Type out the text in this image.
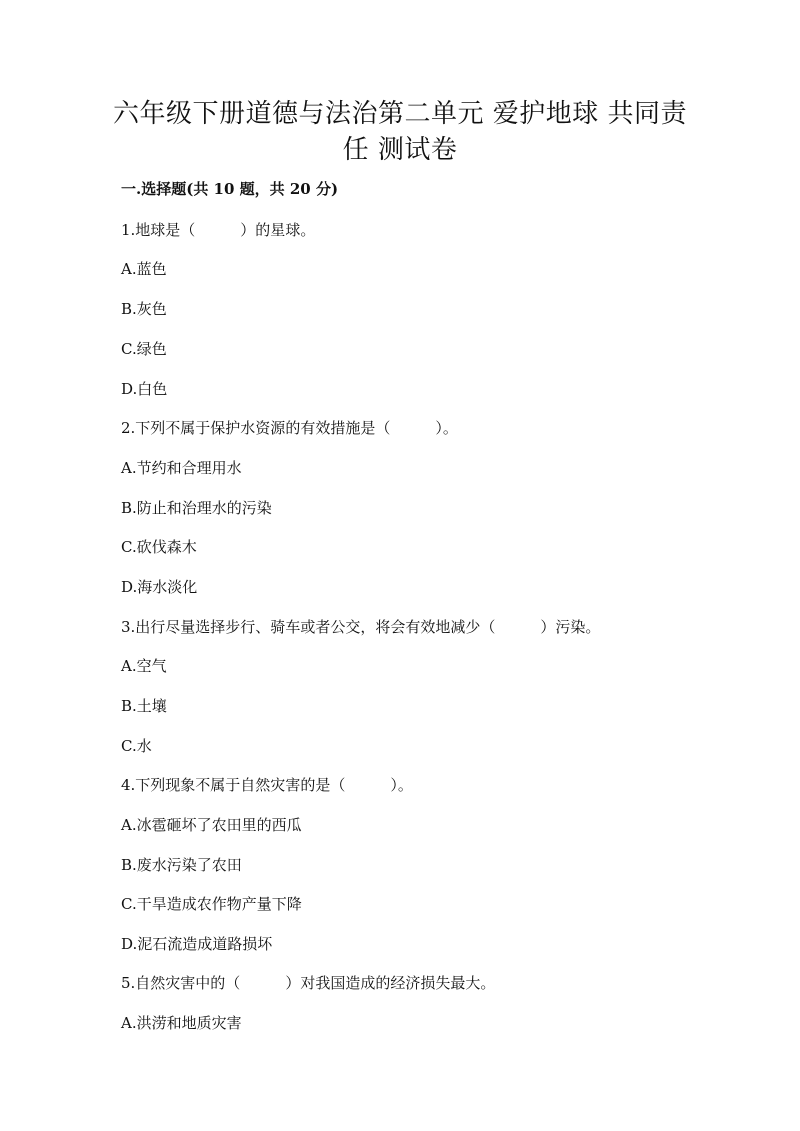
六年级下册道德与法治第二单元 爱护地球 共同责
任 测试卷

一.选择题(共 10 题，共 20 分)

1.地球是（　　　）的星球。

A.蓝色

B.灰色

C.绿色

D.白色

2.下列不属于保护水资源的有效措施是（　　　）。

A.节约和合理用水

B.防止和治理水的污染

C.砍伐森木

D.海水淡化

3.出行尽量选择步行、骑车或者公交，将会有效地减少（　　　）污染。

A.空气

B.土壤

C.水

4.下列现象不属于自然灾害的是（　　　）。

A.冰雹砸坏了农田里的西瓜

B.废水污染了农田

C.干旱造成农作物产量下降

D.泥石流造成道路损坏

5.自然灾害中的（　　　）对我国造成的经济损失最大。

A.洪涝和地质灾害
